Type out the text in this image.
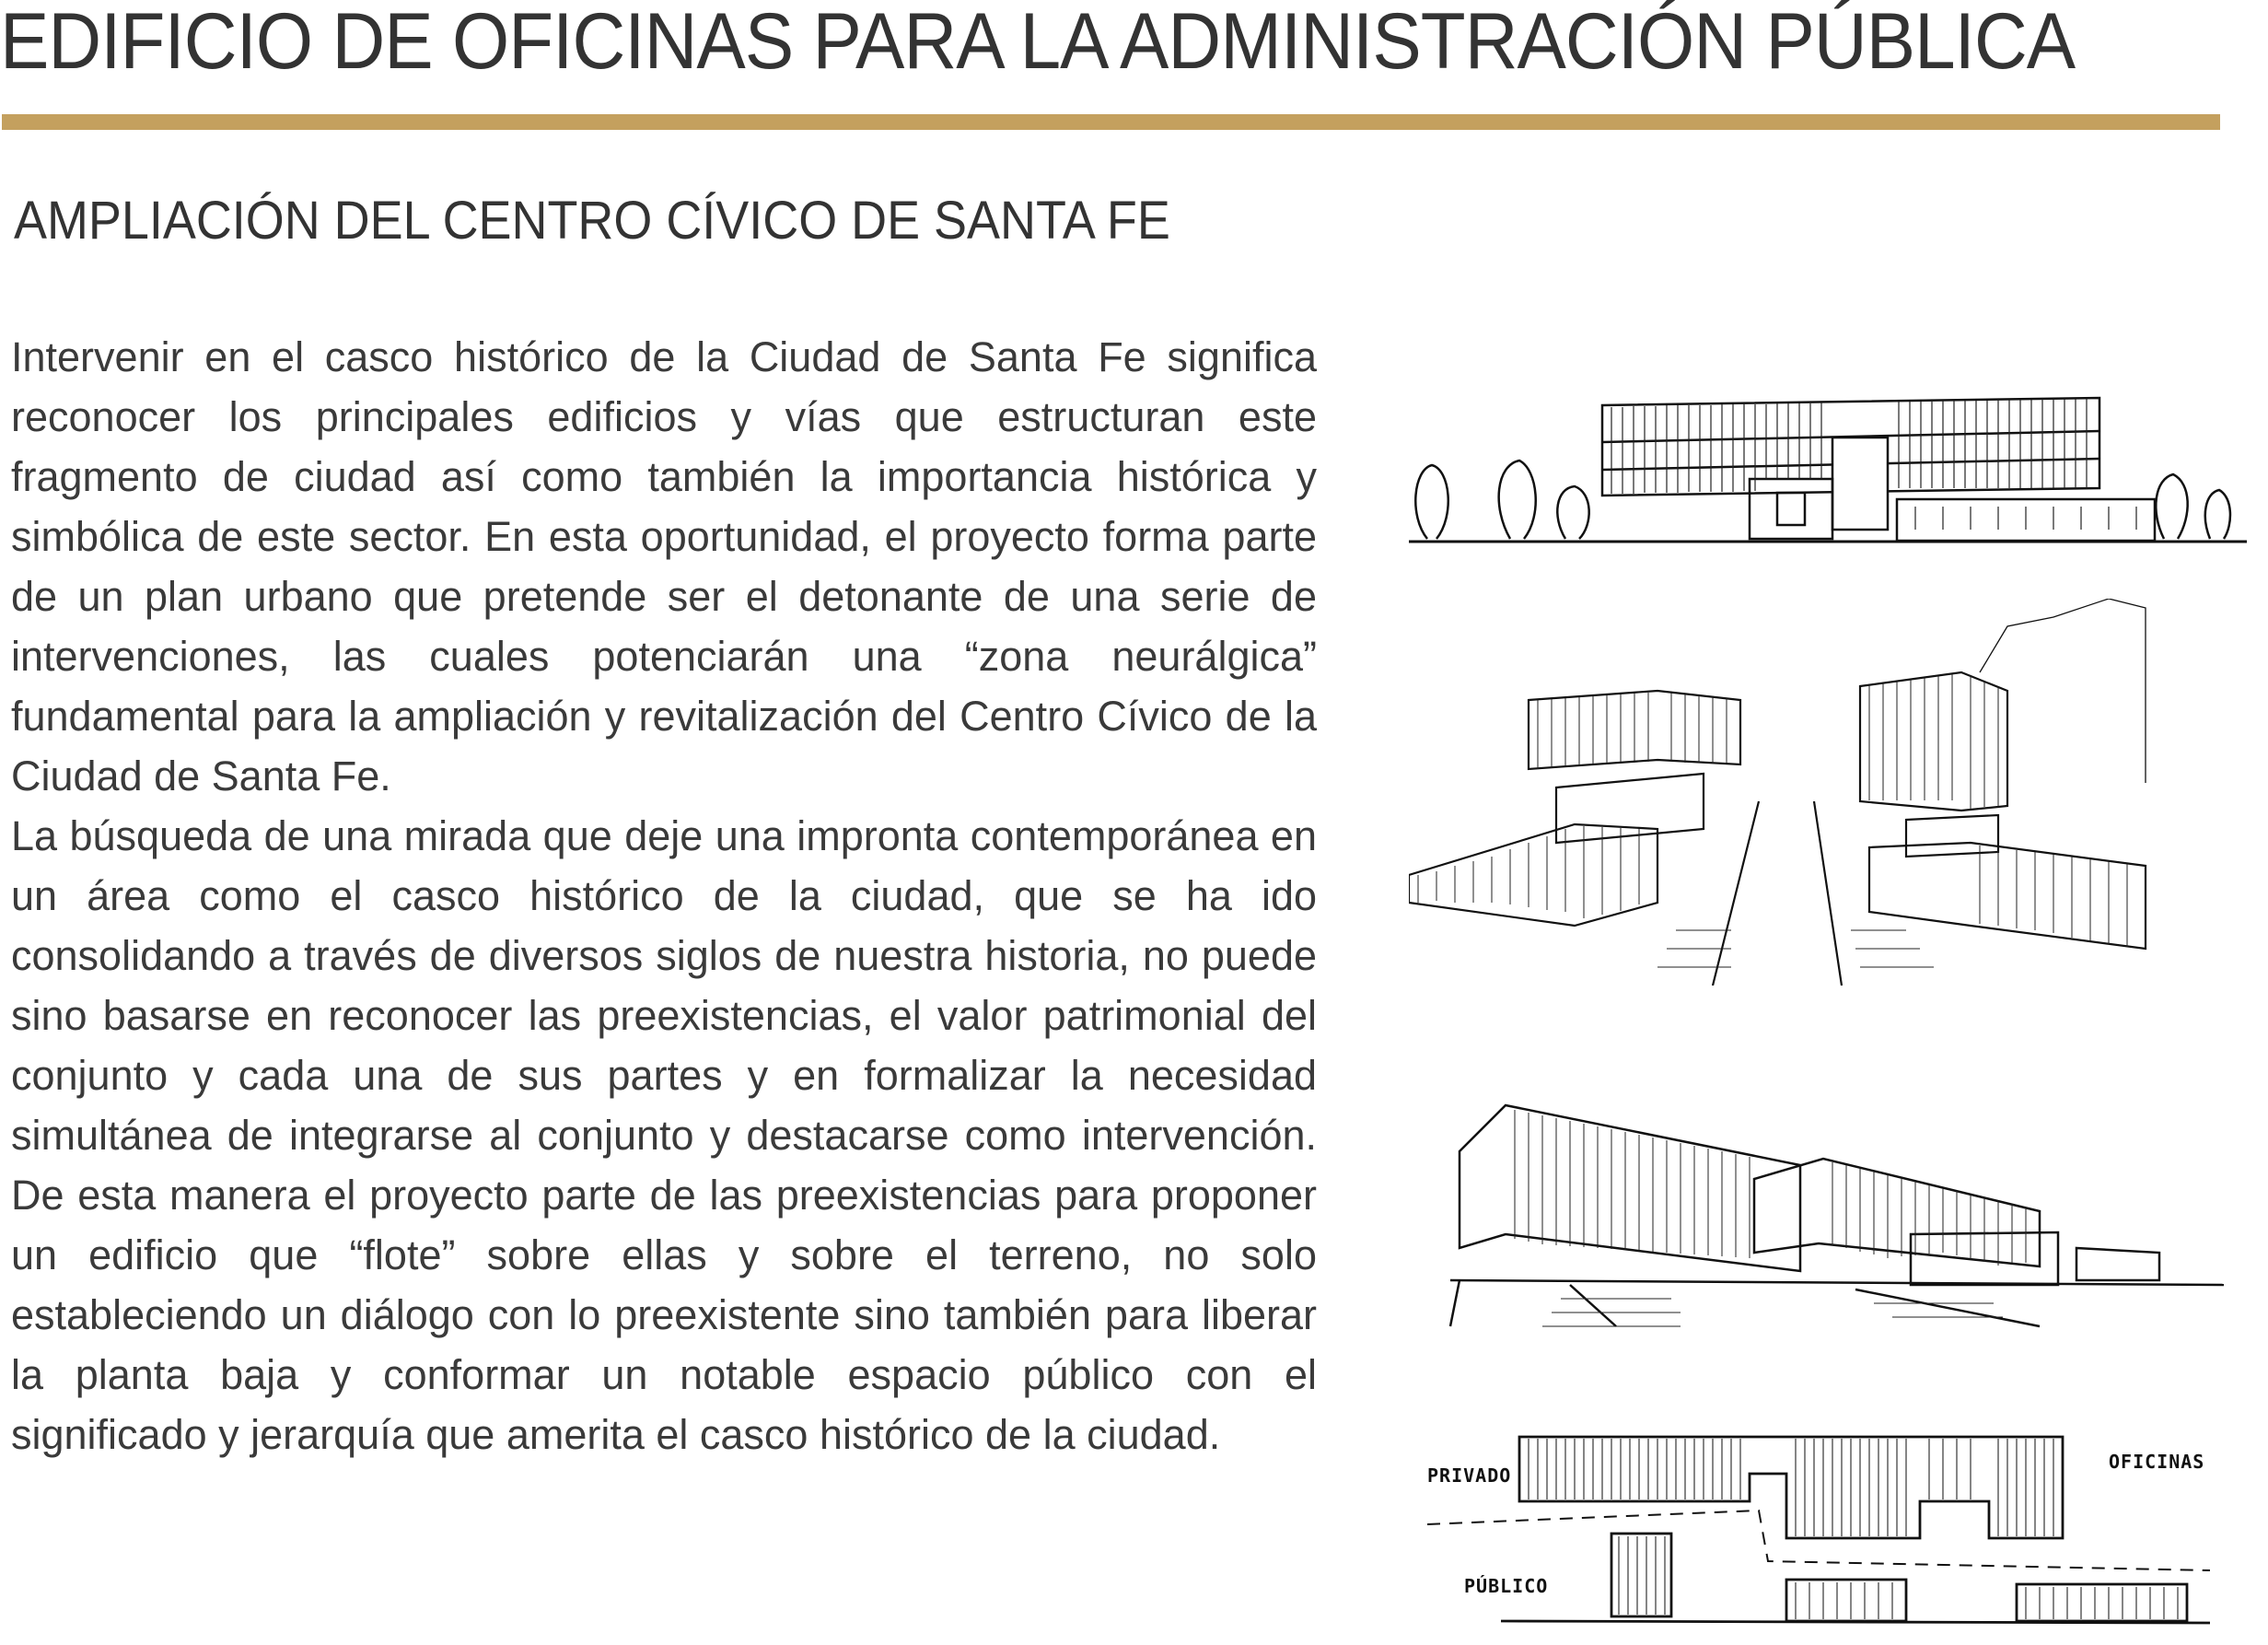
EDIFICIO DE OFICINAS PARA LA ADMINISTRACIÓN PÚBLICA
AMPLIACIÓN DEL CENTRO CÍVICO DE SANTA FE

Intervenir en el casco histórico de la Ciudad de Santa Fe significa reconocer los principales edificios y vías que estructuran este fragmento de ciudad así como también la importancia histórica y simbólica de este sector. En esta oportunidad, el proyecto forma parte de un plan urbano que pretende ser el detonante de una serie de intervenciones, las cuales potenciarán una “zona neurálgica” fundamental para la ampliación y revitalización del Centro Cívico de la Ciudad de Santa Fe.

La búsqueda de una mirada que deje una impronta contemporánea en un área como el casco histórico de la ciudad, que se ha ido consolidando a través de diversos siglos de nuestra historia, no puede sino basarse en reconocer las preexistencias, el valor patrimonial del conjunto y cada una de sus partes y en formalizar la necesidad simultánea de integrarse al conjunto y destacarse como intervención. De esta manera el proyecto parte de las preexistencias para proponer un edificio que “flote” sobre ellas y sobre el terreno, no solo estableciendo un diálogo con lo preexistente sino también para liberar la planta baja y conformar un notable espacio público con el significado y jerarquía que amerita el casco histórico de la ciudad.

PRIVADO
OFICINAS
PÚBLICO
